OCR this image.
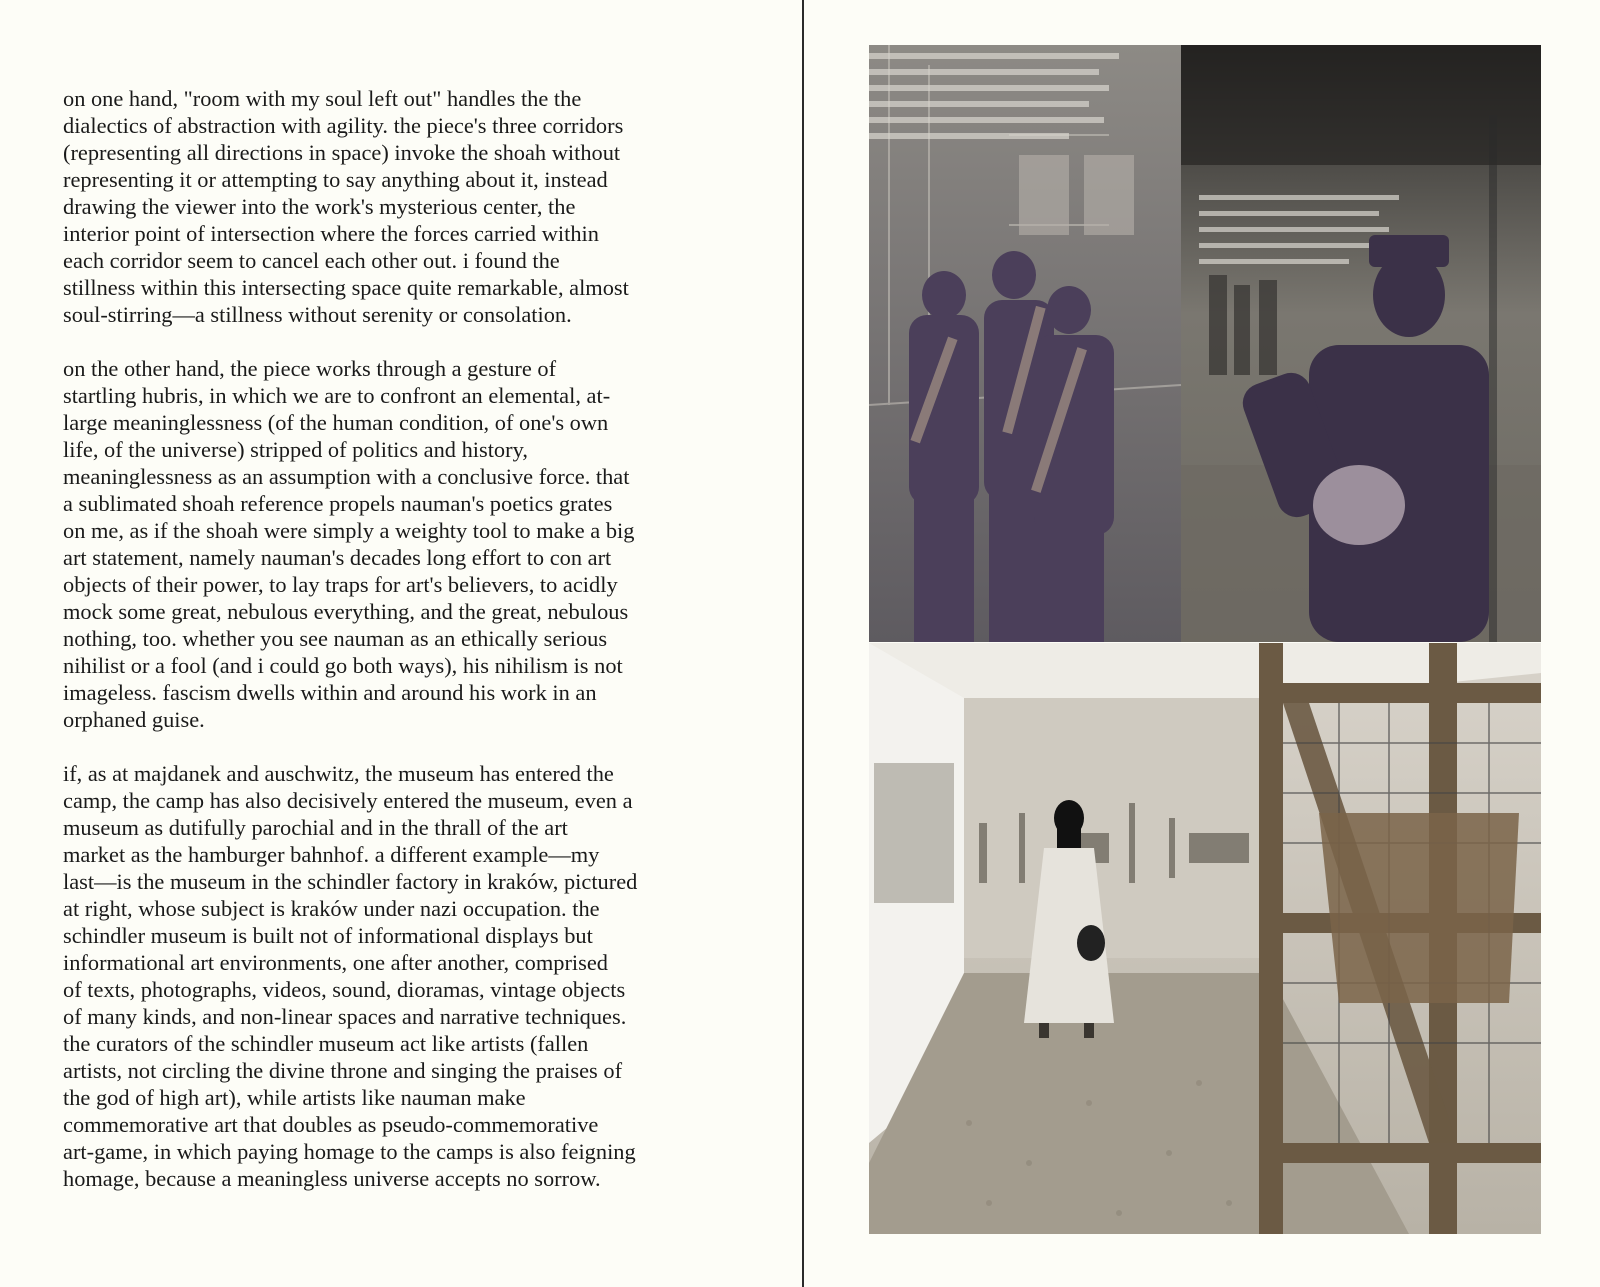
on one hand, "room with my soul left out" handles the the
dialectics of abstraction with agility. the piece's three corridors
(representing all directions in space) invoke the shoah without
representing it or attempting to say anything about it, instead
drawing the viewer into the work's mysterious center, the
interior point of intersection where the forces carried within
each corridor seem to cancel each other out. i found the
stillness within this intersecting space quite remarkable, almost
soul-stirring—a stillness without serenity or consolation.

on the other hand, the piece works through a gesture of
startling hubris, in which we are to confront an elemental, at-
large meaninglessness (of the human condition, of one's own
life, of the universe) stripped of politics and history,
meaninglessness as an assumption with a conclusive force. that
a sublimated shoah reference propels nauman's poetics grates
on me, as if the shoah were simply a weighty tool to make a big
art statement, namely nauman's decades long effort to con art
objects of their power, to lay traps for art's believers, to acidly
mock some great, nebulous everything, and the great, nebulous
nothing, too. whether you see nauman as an ethically serious
nihilist or a fool (and i could go both ways), his nihilism is not
imageless. fascism dwells within and around his work in an
orphaned guise.

if, as at majdanek and auschwitz, the museum has entered the
camp, the camp has also decisively entered the museum, even a
museum as dutifully parochial and in the thrall of the art
market as the hamburger bahnhof. a different example—my
last—is the museum in the schindler factory in kraków, pictured
at right, whose subject is kraków under nazi occupation. the
schindler museum is built not of informational displays but
informational art environments, one after another, comprised
of texts, photographs, videos, sound, dioramas, vintage objects
of many kinds, and non-linear spaces and narrative techniques.
the curators of the schindler museum act like artists (fallen
artists, not circling the divine throne and singing the praises of
the god of high art), while artists like nauman make
commemorative art that doubles as pseudo-commemorative
art-game, in which paying homage to the camps is also feigning
homage, because a meaningless universe accepts no sorrow.
